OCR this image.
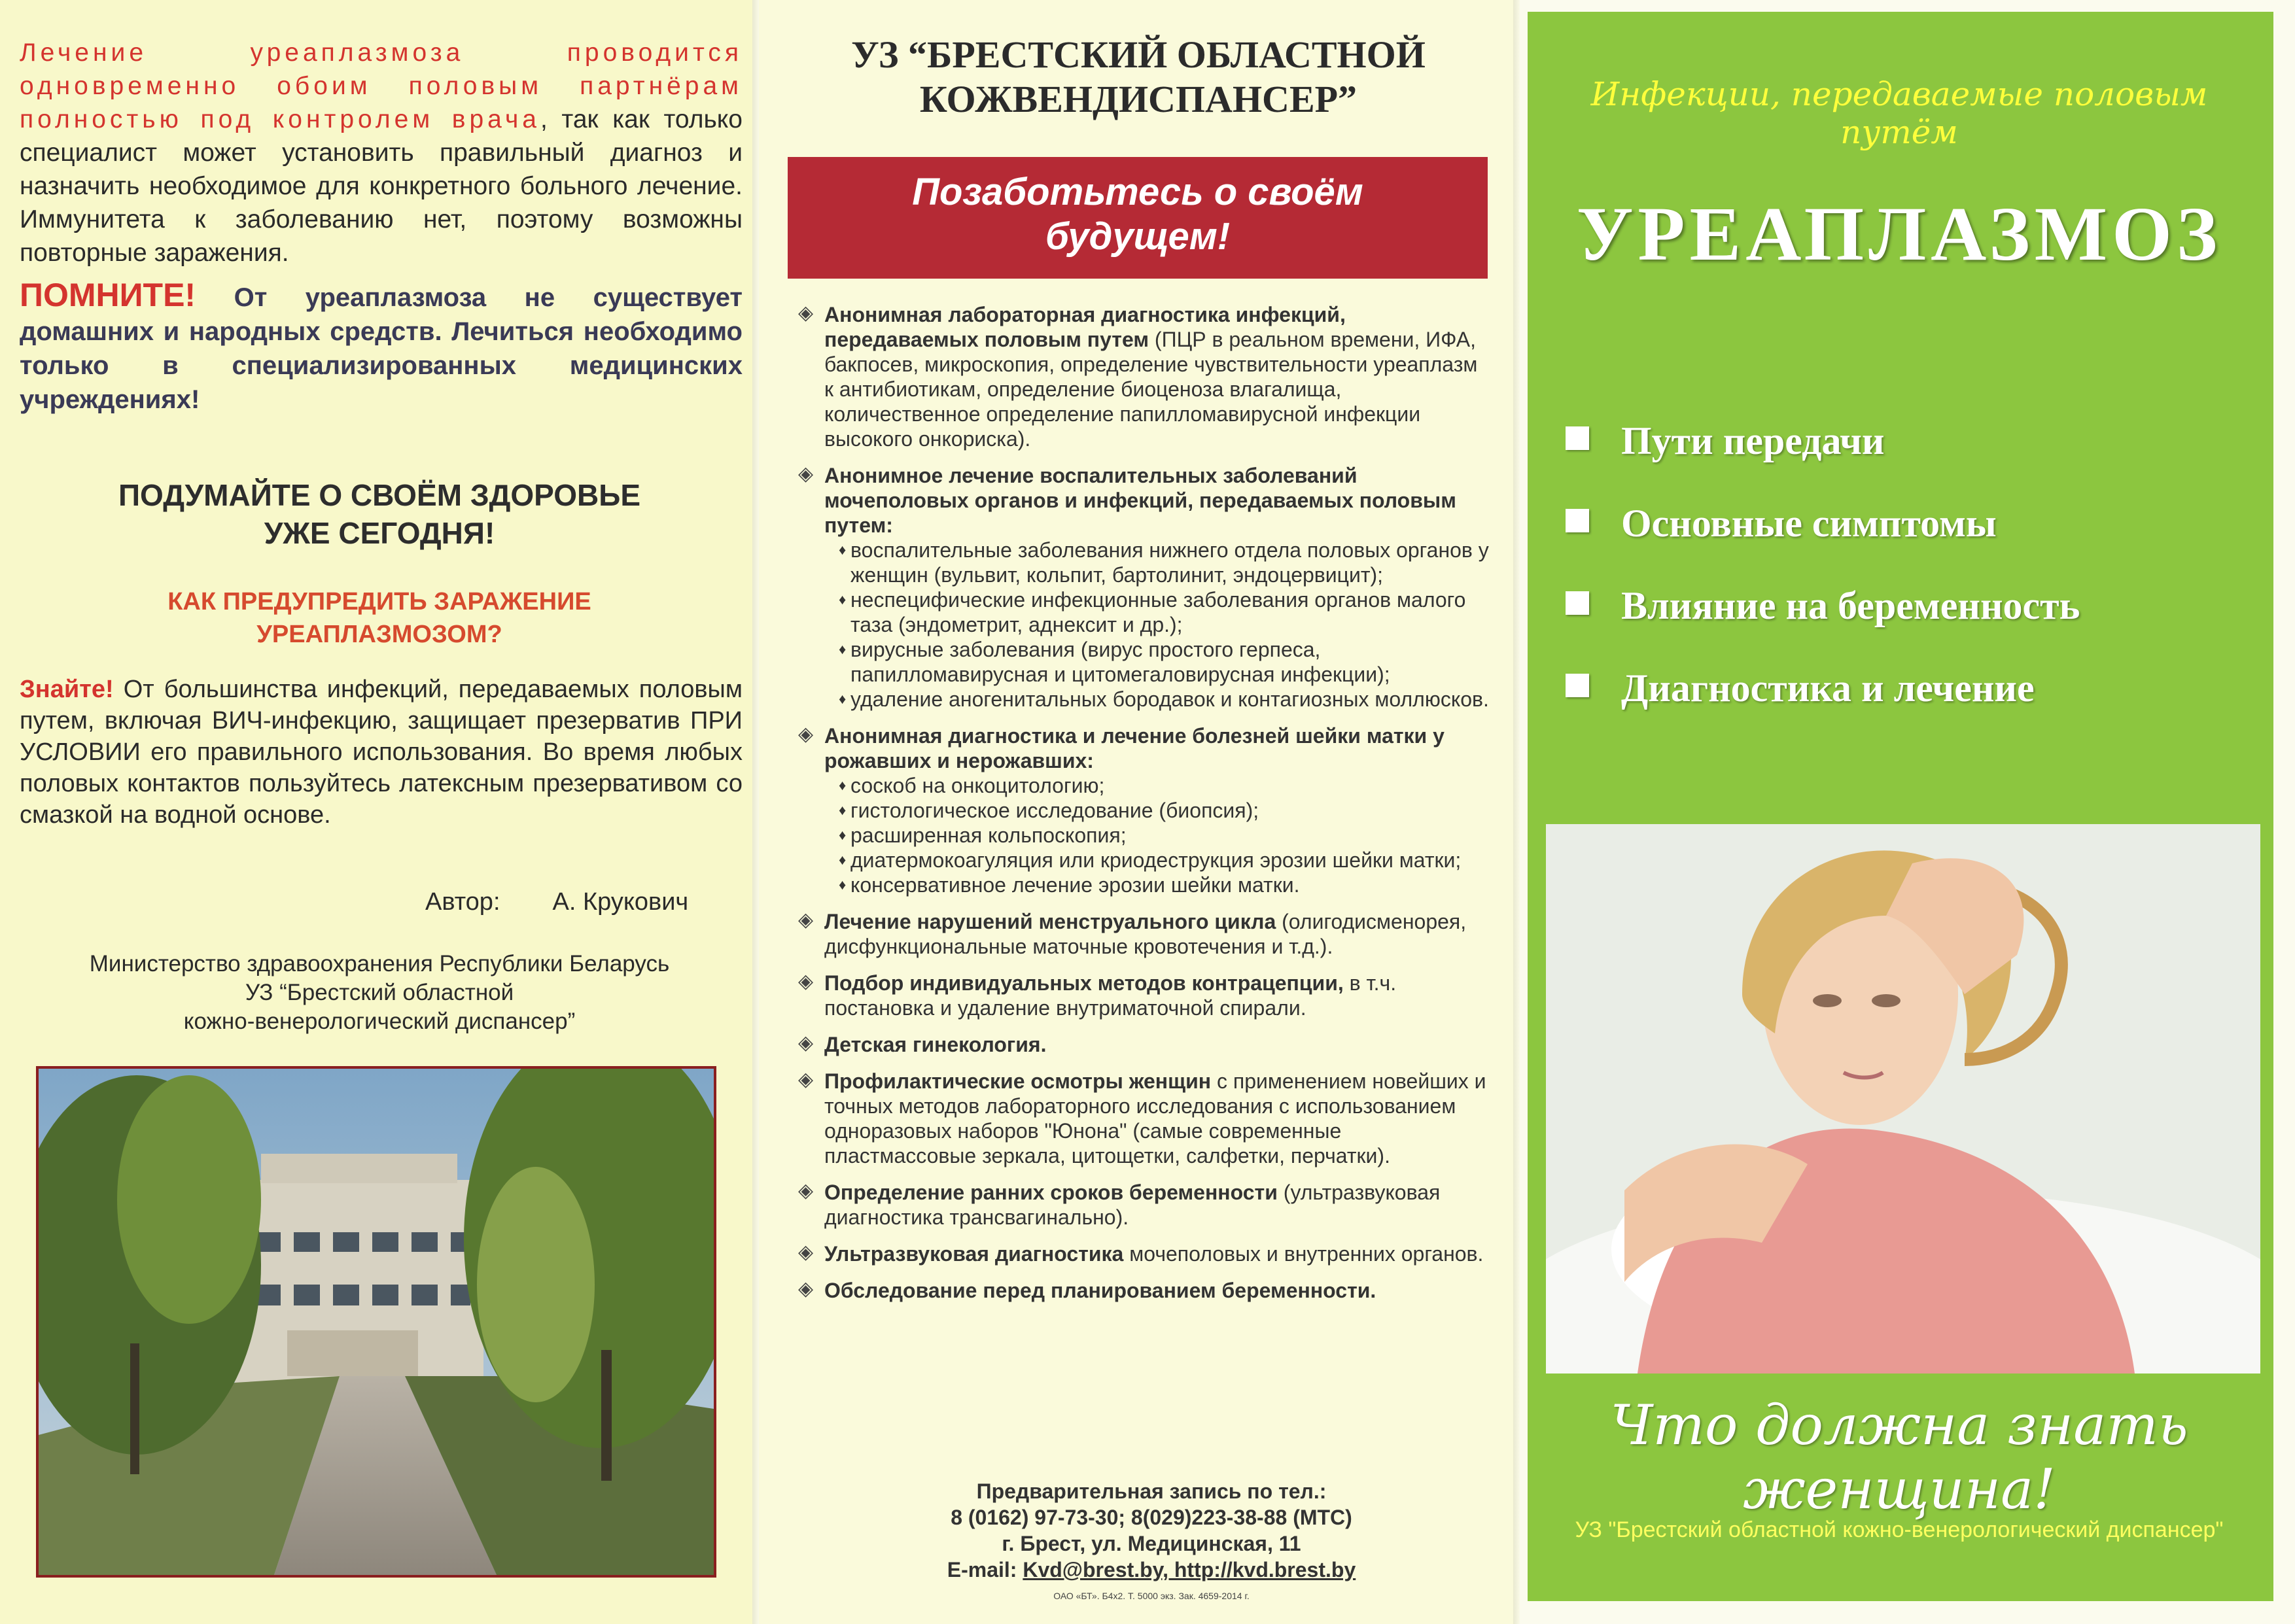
Лечение уреаплазмоза проводится одновременно обоим половым партнёрам полностью под контролем врача, так как только специалист может установить правильный диагноз и назначить необходимое для конкретного больного лечение. Иммунитета к заболеванию нет, поэтому возможны повторные заражения.
ПОМНИТЕ! От уреаплазмоза не существует домашних и народных средств. Лечиться необходимо только в специализированных медицинских учреждениях!
ПОДУМАЙТЕ О СВОЁМ ЗДОРОВЬЕ
УЖЕ СЕГОДНЯ!
КАК ПРЕДУПРЕДИТЬ ЗАРАЖЕНИЕ
УРЕАПЛАЗМОЗОМ?
Знайте! От большинства инфекций, передаваемых половым путем, включая ВИЧ-инфекцию, защищает презерватив ПРИ УСЛОВИИ его правильного использования. Во время любых половых контактов пользуйтесь латексным презервативом со смазкой на водной основе.
Автор: А. Крукович
Министерство здравоохранения Республики Беларусь
УЗ “Брестский областной
кожно-венерологический диспансер”
УЗ “БРЕСТСКИЙ ОБЛАСТНОЙ
КОЖВЕНДИСПАНСЕР”
Позаботьтесь о своём
будущем!
◈ Анонимная лабораторная диагностика инфекций, передаваемых половым путем (ПЦР в реальном времени, ИФА, бакпосев, микроскопия, определение чувствительности уреаплазм к антибиотикам, определение биоценоза влагалища, количественное определение папилломавирусной инфекции высокого онкориска).
◈ Анонимное лечение воспалительных заболеваний мочеполовых органов и инфекций, передаваемых половым путем:
♦ воспалительные заболевания нижнего отдела половых органов у женщин (вульвит, кольпит, бартолинит, эндоцервицит);
♦ неспецифические инфекционные заболевания органов малого таза (эндометрит, аднексит и др.);
♦ вирусные заболевания (вирус простого герпеса, папилломавирусная и цитомегаловирусная инфекции);
♦ удаление аногенитальных бородавок и контагиозных моллюсков.
◈ Анонимная диагностика и лечение болезней шейки матки у рожавших и нерожавших:
♦ соскоб на онкоцитологию;
♦ гистологическое исследование (биопсия);
♦ расширенная кольпоскопия;
♦ диатермокоагуляция или криодеструкция эрозии шейки матки;
♦ консервативное лечение эрозии шейки матки.
◈ Лечение нарушений менструального цикла (олигодисменорея, дисфункциональные маточные кровотечения и т.д.).
◈ Подбор индивидуальных методов контрацепции, в т.ч. постановка и удаление внутриматочной спирали.
◈ Детская гинекология.
◈ Профилактические осмотры женщин с применением новейших и точных методов лабораторного исследования с использованием одноразовых наборов "Юнона" (самые современные пластмассовые зеркала, цитощетки, салфетки, перчатки).
◈ Определение ранних сроков беременности (ультразвуковая диагностика трансвагинально).
◈ Ультразвуковая диагностика мочеполовых и внутренних органов.
◈ Обследование перед планированием беременности.
Предварительная запись по тел.:
8 (0162) 97-73-30; 8(029)223-38-88 (МТС)
г. Брест, ул. Медицинская, 11
E-mail: Kvd@brest.by, http://kvd.brest.by
ОАО «БТ». Б4х2. Т. 5000 экз. Зак. 4659-2014 г.
Инфекции, передаваемые половым путём
УРЕАПЛАЗМОЗ
Пути передачи
Основные симптомы
Влияние на беременность
Диагностика и лечение
Что должна знать женщина!
УЗ "Брестский областной кожно-венерологический диспансер"
